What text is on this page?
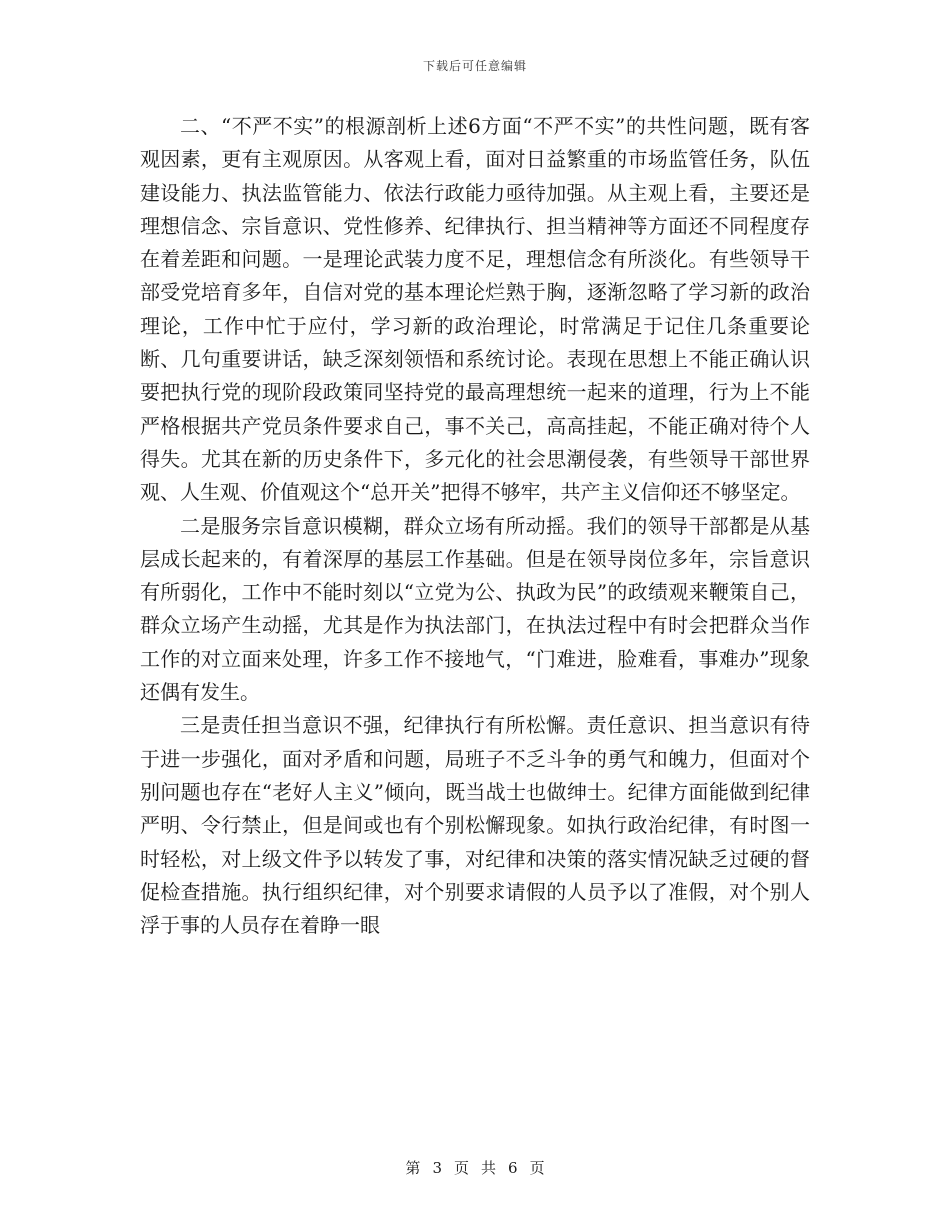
下载后可任意编辑

二、“不严不实”的根源剖析上述6方面“不严不实”的共性问题，既有客观因素，更有主观原因。从客观上看，面对日益繁重的市场监管任务，队伍建设能力、执法监管能力、依法行政能力亟待加强。从主观上看，主要还是理想信念、宗旨意识、党性修养、纪律执行、担当精神等方面还不同程度存在着差距和问题。一是理论武装力度不足，理想信念有所淡化。有些领导干部受党培育多年，自信对党的基本理论烂熟于胸，逐渐忽略了学习新的政治理论，工作中忙于应付，学习新的政治理论，时常满足于记住几条重要论断、几句重要讲话，缺乏深刻领悟和系统讨论。表现在思想上不能正确认识要把执行党的现阶段政策同坚持党的最高理想统一起来的道理，行为上不能严格根据共产党员条件要求自己，事不关己，高高挂起，不能正确对待个人得失。尤其在新的历史条件下，多元化的社会思潮侵袭，有些领导干部世界观、人生观、价值观这个“总开关”把得不够牢，共产主义信仰还不够坚定。

二是服务宗旨意识模糊，群众立场有所动摇。我们的领导干部都是从基层成长起来的，有着深厚的基层工作基础。但是在领导岗位多年，宗旨意识有所弱化，工作中不能时刻以“立党为公、执政为民”的政绩观来鞭策自己，群众立场产生动摇，尤其是作为执法部门，在执法过程中有时会把群众当作工作的对立面来处理，许多工作不接地气，“门难进，脸难看，事难办”现象还偶有发生。

三是责任担当意识不强，纪律执行有所松懈。责任意识、担当意识有待于进一步强化，面对矛盾和问题，局班子不乏斗争的勇气和魄力，但面对个别问题也存在“老好人主义”倾向，既当战士也做绅士。纪律方面能做到纪律严明、令行禁止，但是间或也有个别松懈现象。如执行政治纪律，有时图一时轻松，对上级文件予以转发了事，对纪律和决策的落实情况缺乏过硬的督促检查措施。执行组织纪律，对个别要求请假的人员予以了准假，对个别人浮于事的人员存在着睁一眼

第 3 页 共 6 页
